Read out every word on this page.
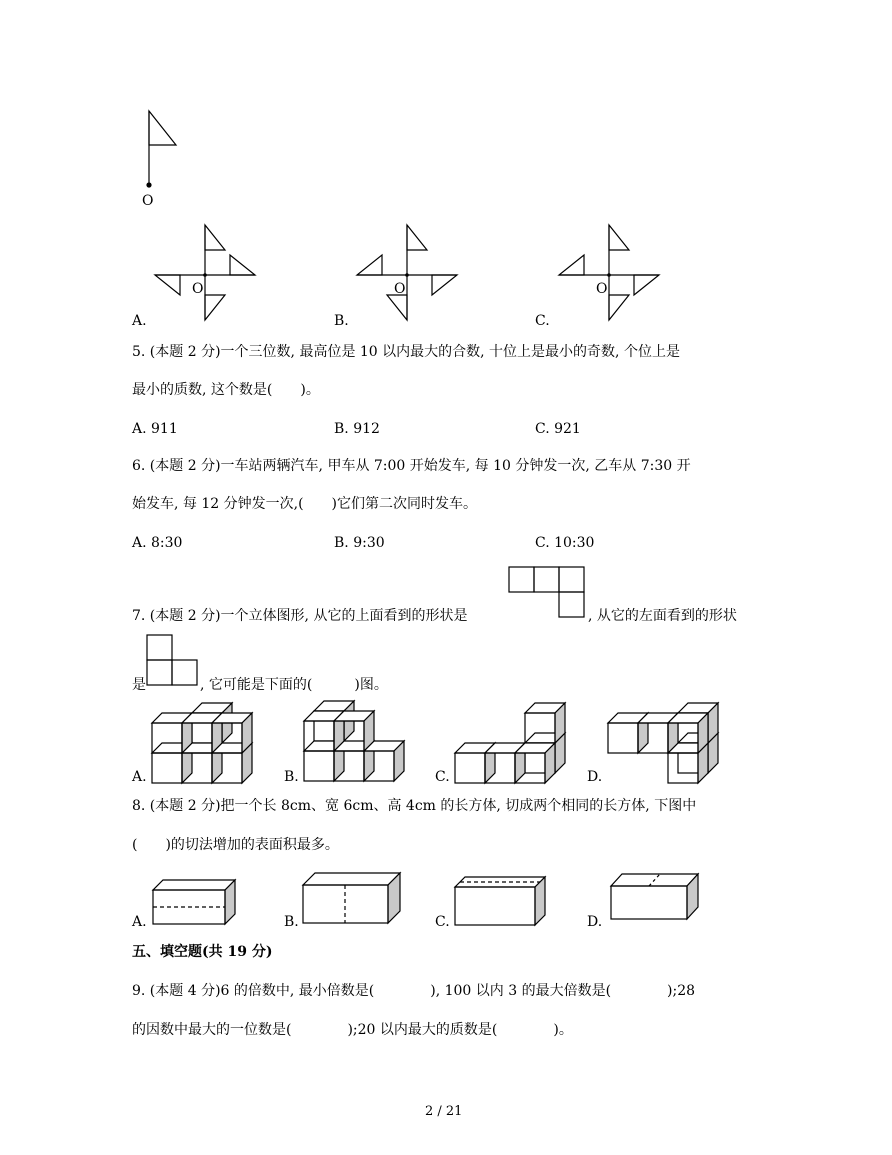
O
O
A.
O
B.
O
C.
5. (本题 2 分)一个三位数, 最高位是 10 以内最大的合数, 十位上是最小的奇数, 个位上是
最小的质数, 这个数是(　　)。
A. 911	B. 912	C. 921
6. (本题 2 分)一车站两辆汽车, 甲车从 7:00 开始发车, 每 10 分钟发一次, 乙车从 7:30 开
始发车, 每 12 分钟发一次,(　　)它们第二次同时发车。
A. 8:30	B. 9:30	C. 10:30
7. (本题 2 分)一个立体图形, 从它的上面看到的形状是	, 从它的左面看到的形状
是	, 它可能是下面的(　　　)图。
A.	B.	C.	D.
8. (本题 2 分)把一个长 8cm、宽 6cm、高 4cm 的长方体, 切成两个相同的长方体, 下图中
(　　)的切法增加的表面积最多。
A.	B.	C.	D.
五、填空题(共 19 分)
9. (本题 4 分)6 的倍数中, 最小倍数是(　　　　), 100 以内 3 的最大倍数是(　　　　);28
的因数中最大的一位数是(　　　　);20 以内最大的质数是(　　　　)。
2 / 21
